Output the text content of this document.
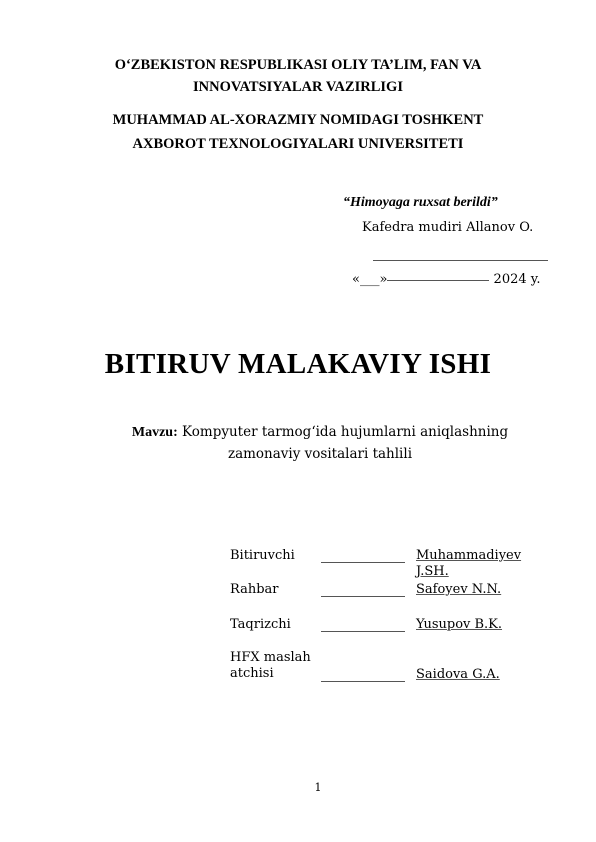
O‘ZBEKISTON RESPUBLIKASI OLIY TA’LIM, FAN VA
INNOVATSIYALAR VAZIRLIGI
MUHAMMAD AL-XORAZMIY NOMIDAGI TOSHKENT
AXBOROT TEXNOLOGIYALARI UNIVERSITETI
“Himoyaga ruxsat berildi”
Kafedra mudiri Allanov O.
«___»	2024 y.
BITIRUV MALAKAVIY ISHI
Mavzu: Kompyuter tarmog‘ida hujumlarni aniqlashning
zamonaviy vositalari tahlili
Bitiruvchi	Muhammadiyev J.SH.
Rahbar	Safoyev N.N.
Taqrizchi	Yusupov B.K.
HFX maslahatchisi	Saidova G.A.
1
